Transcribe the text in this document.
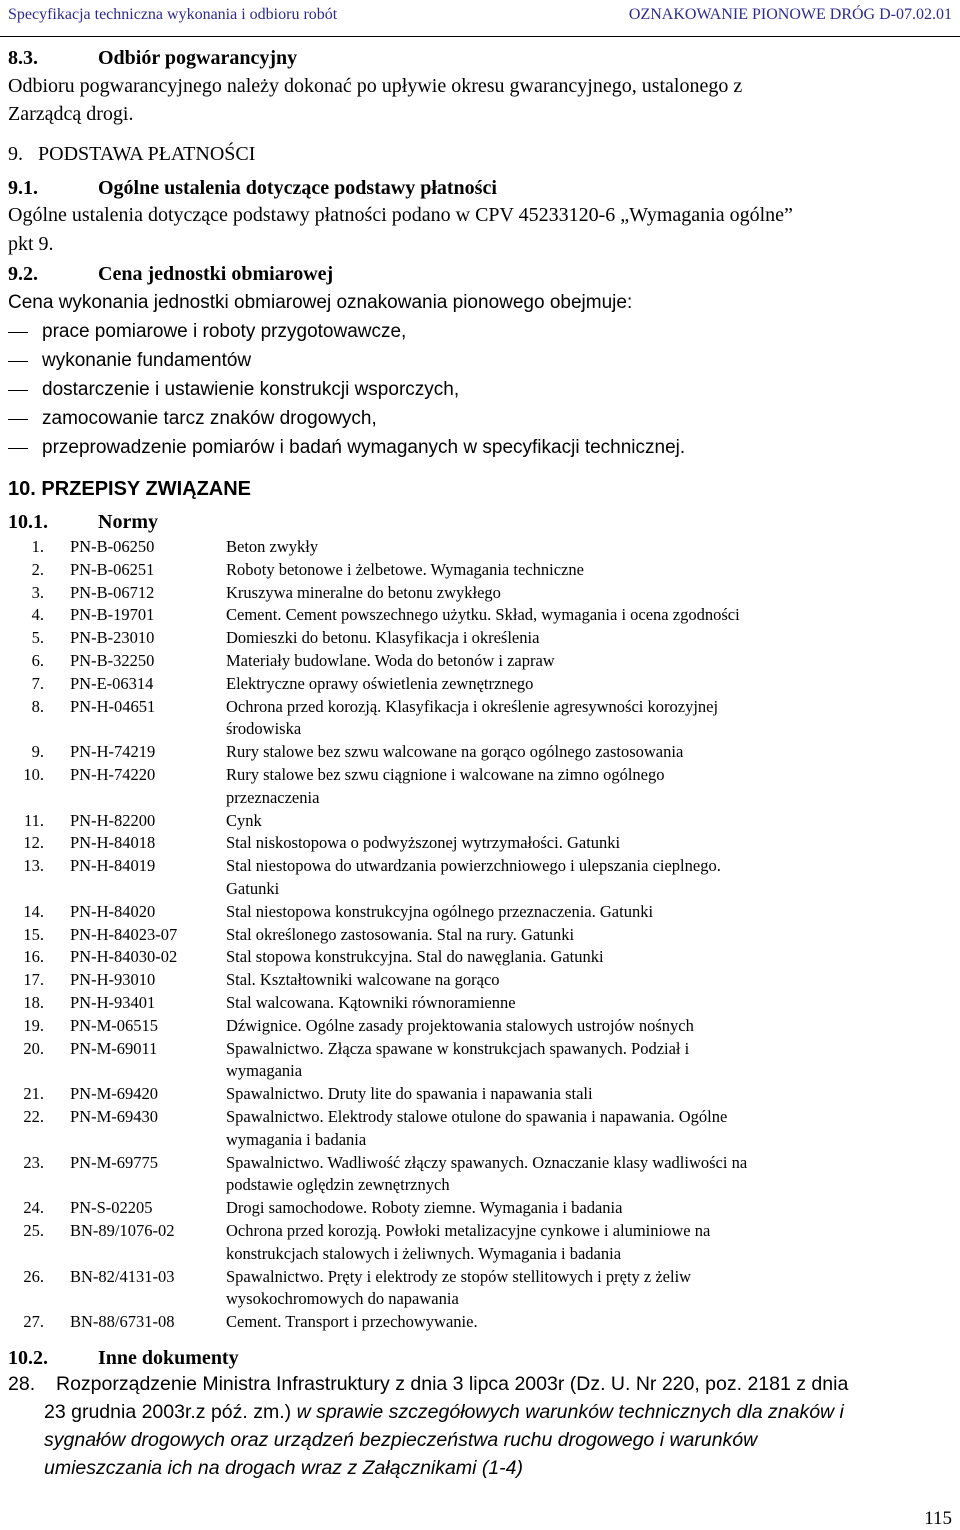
Specyfikacja techniczna wykonania i odbioru robót	OZNAKOWANIE PIONOWE DRÓG D-07.02.01
8.3.	Odbiór pogwarancyjny
Odbioru pogwarancyjnego należy dokonać po upływie okresu gwarancyjnego, ustalonego z
Zarządcą drogi.
9.   PODSTAWA PŁATNOŚCI
9.1.	Ogólne ustalenia dotyczące podstawy płatności
Ogólne ustalenia dotyczące podstawy płatności podano w CPV 45233120-6 „Wymagania ogólne”
pkt 9.
9.2.	Cena jednostki obmiarowej
Cena wykonania jednostki obmiarowej oznakowania pionowego obejmuje:
prace pomiarowe i roboty przygotowawcze,
wykonanie fundamentów
dostarczenie i ustawienie konstrukcji wsporczych,
zamocowanie tarcz znaków drogowych,
przeprowadzenie pomiarów i badań wymaganych w specyfikacji technicznej.
10. PRZEPISY ZWIĄZANE
10.1.	Normy
1. PN-B-06250	Beton zwykły
2. PN-B-06251	Roboty betonowe i żelbetowe. Wymagania techniczne
3. PN-B-06712	Kruszywa mineralne do betonu zwykłego
4. PN-B-19701	Cement. Cement powszechnego użytku. Skład, wymagania i ocena zgodności
5. PN-B-23010	Domieszki do betonu. Klasyfikacja i określenia
6. PN-B-32250	Materiały budowlane. Woda do betonów i zapraw
7. PN-E-06314	Elektryczne oprawy oświetlenia zewnętrznego
8. PN-H-04651	Ochrona przed korozją. Klasyfikacja i określenie agresywności korozyjnej
środowiska
9. PN-H-74219	Rury stalowe bez szwu walcowane na gorąco ogólnego zastosowania
10. PN-H-74220	Rury stalowe bez szwu ciągnione i walcowane na zimno ogólnego
przeznaczenia
11. PN-H-82200	Cynk
12. PN-H-84018	Stal niskostopowa o podwyższonej wytrzymałości. Gatunki
13. PN-H-84019	Stal niestopowa do utwardzania powierzchniowego i ulepszania cieplnego.
Gatunki
14. PN-H-84020	Stal niestopowa konstrukcyjna ogólnego przeznaczenia. Gatunki
15. PN-H-84023-07	Stal określonego zastosowania. Stal na rury. Gatunki
16. PN-H-84030-02	Stal stopowa konstrukcyjna. Stal do nawęglania. Gatunki
17. PN-H-93010	Stal. Kształtowniki walcowane na gorąco
18. PN-H-93401	Stal walcowana. Kątowniki równoramienne
19. PN-M-06515	Dźwignice. Ogólne zasady projektowania stalowych ustrojów nośnych
20. PN-M-69011	Spawalnictwo. Złącza spawane w konstrukcjach spawanych. Podział i
wymagania
21. PN-M-69420	Spawalnictwo. Druty lite do spawania i napawania stali
22. PN-M-69430	Spawalnictwo. Elektrody stalowe otulone do spawania i napawania. Ogólne
wymagania i badania
23. PN-M-69775	Spawalnictwo. Wadliwość złączy spawanych. Oznaczanie klasy wadliwości na
podstawie oględzin zewnętrznych
24. PN-S-02205	Drogi samochodowe. Roboty ziemne. Wymagania i badania
25. BN-89/1076-02	Ochrona przed korozją. Powłoki metalizacyjne cynkowe i aluminiowe na
konstrukcjach stalowych i żeliwnych. Wymagania i badania
26. BN-82/4131-03	Spawalnictwo. Pręty i elektrody ze stopów stellitowych i pręty z żeliw
wysokochromowych do napawania
27. BN-88/6731-08	Cement. Transport i przechowywanie.
10.2.	Inne dokumenty
28. Rozporządzenie Ministra Infrastruktury z dnia 3 lipca 2003r (Dz. U. Nr 220, poz. 2181 z dnia
23 grudnia 2003r.z póź. zm.) w sprawie szczegółowych warunków technicznych dla znaków i
sygnałów drogowych oraz urządzeń bezpieczeństwa ruchu drogowego i warunków
umieszczania ich na drogach wraz z Załącznikami (1-4)
115
